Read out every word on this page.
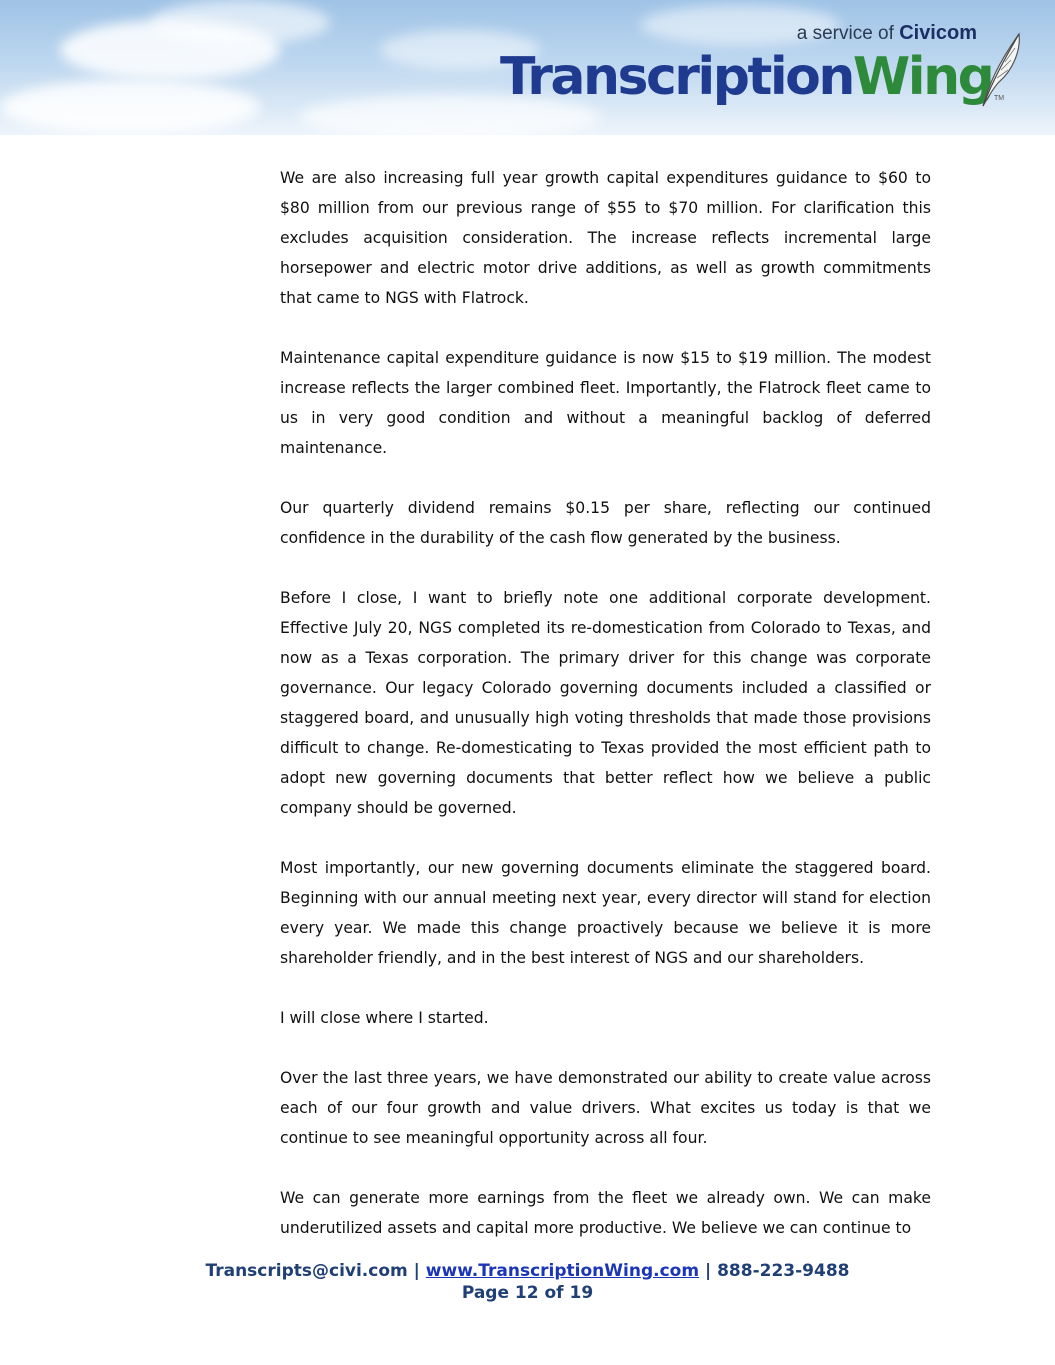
a service of Civicom
TranscriptionWing TM

We are also increasing full year growth capital expenditures guidance to $60 to $80 million from our previous range of $55 to $70 million. For clarification this excludes acquisition consideration. The increase reflects incremental large horsepower and electric motor drive additions, as well as growth commitments that came to NGS with Flatrock.

Maintenance capital expenditure guidance is now $15 to $19 million. The modest increase reflects the larger combined fleet. Importantly, the Flatrock fleet came to us in very good condition and without a meaningful backlog of deferred maintenance.

Our quarterly dividend remains $0.15 per share, reflecting our continued confidence in the durability of the cash flow generated by the business.

Before I close, I want to briefly note one additional corporate development. Effective July 20, NGS completed its re-domestication from Colorado to Texas, and now as a Texas corporation. The primary driver for this change was corporate governance. Our legacy Colorado governing documents included a classified or staggered board, and unusually high voting thresholds that made those provisions difficult to change. Re-domesticating to Texas provided the most efficient path to adopt new governing documents that better reflect how we believe a public company should be governed.

Most importantly, our new governing documents eliminate the staggered board. Beginning with our annual meeting next year, every director will stand for election every year. We made this change proactively because we believe it is more shareholder friendly, and in the best interest of NGS and our shareholders.

I will close where I started.

Over the last three years, we have demonstrated our ability to create value across each of our four growth and value drivers. What excites us today is that we continue to see meaningful opportunity across all four.

We can generate more earnings from the fleet we already own. We can make underutilized assets and capital more productive. We believe we can continue to

Transcripts@civi.com | www.TranscriptionWing.com | 888-223-9488
Page 12 of 19
